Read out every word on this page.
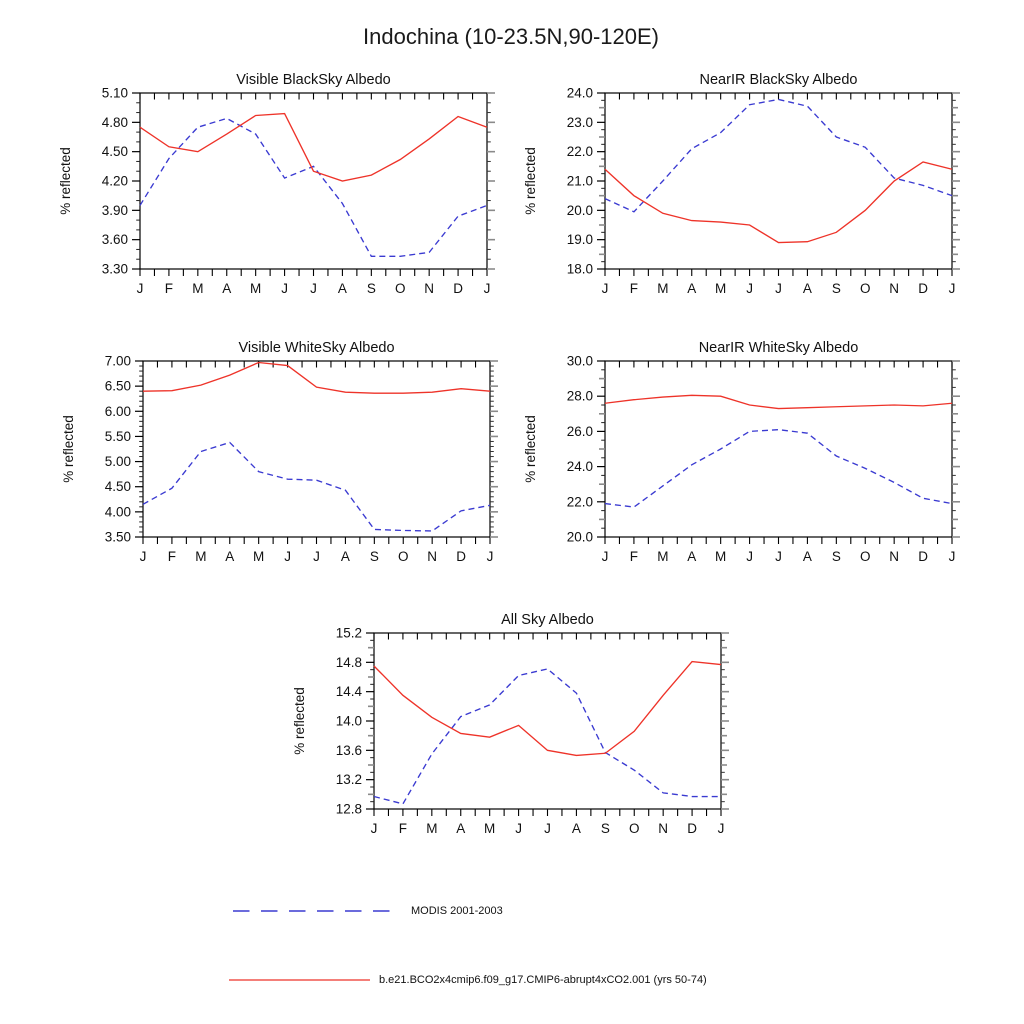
Indochina (10-23.5N,90-120E)
J F M A M J J A S O N D J
5.10
4.80
4.50
4.20
3.90
3.60
3.30
Visible BlackSky Albedo
% reflected
J F M A M J J A S O N D J
24.0
23.0
22.0
21.0
20.0
19.0
18.0
NearIR BlackSky Albedo
% reflected
J F M A M J J A S O N D J
7.00
6.50
6.00
5.50
5.00
4.50
4.00
3.50
Visible WhiteSky Albedo
% reflected
J F M A M J J A S O N D J
30.0
28.0
26.0
24.0
22.0
20.0
NearIR WhiteSky Albedo
% reflected
J F M A M J J A S O N D J
15.2
14.8
14.4
14.0
13.6
13.2
12.8
All Sky Albedo
% reflected
MODIS 2001-2003
b.e21.BCO2x4cmip6.f09_g17.CMIP6-abrupt4xCO2.001 (yrs 50-74)
